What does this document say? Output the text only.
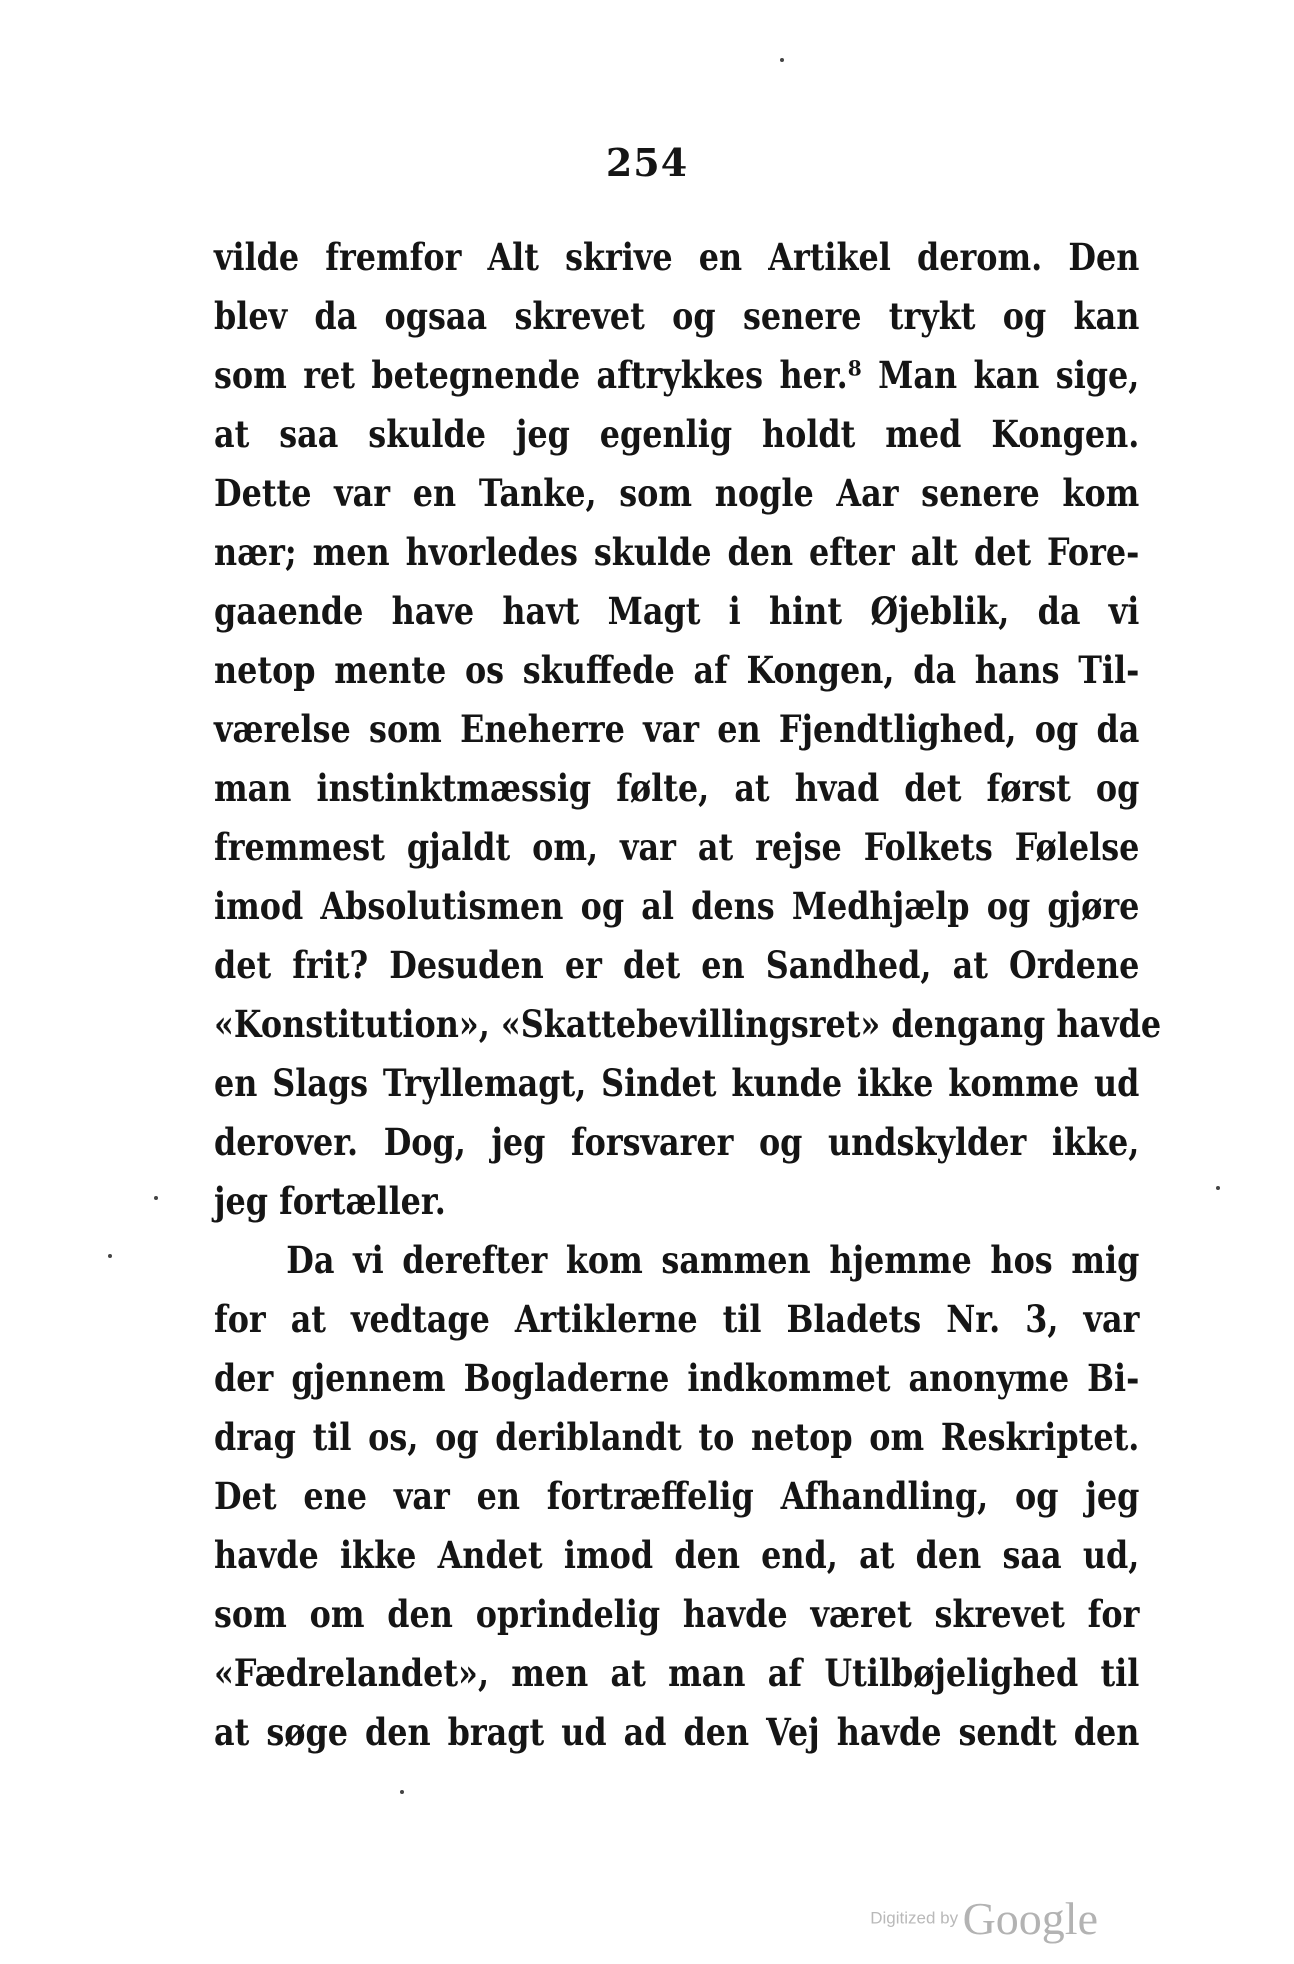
254
vilde fremfor Alt skrive en Artikel derom. Den
blev da ogsaa skrevet og senere trykt og kan
som ret betegnende aftrykkes her.⁸ Man kan sige,
at saa skulde jeg egenlig holdt med Kongen.
Dette var en Tanke, som nogle Aar senere kom
nær; men hvorledes skulde den efter alt det Fore-
gaaende have havt Magt i hint Øjeblik, da vi
netop mente os skuffede af Kongen, da hans Til-
værelse som Eneherre var en Fjendtlighed, og da
man instinktmæssig følte, at hvad det først og
fremmest gjaldt om, var at rejse Folkets Følelse
imod Absolutismen og al dens Medhjælp og gjøre
det frit? Desuden er det en Sandhed, at Ordene
«Konstitution», «Skattebevillingsret» dengang havde
en Slags Tryllemagt, Sindet kunde ikke komme ud
derover. Dog, jeg forsvarer og undskylder ikke,
jeg fortæller.
Da vi derefter kom sammen hjemme hos mig
for at vedtage Artiklerne til Bladets Nr. 3, var
der gjennem Bogladerne indkommet anonyme Bi-
drag til os, og deriblandt to netop om Reskriptet.
Det ene var en fortræffelig Afhandling, og jeg
havde ikke Andet imod den end, at den saa ud,
som om den oprindelig havde været skrevet for
«Fædrelandet», men at man af Utilbøjelighed til
at søge den bragt ud ad den Vej havde sendt den
Digitized by Google
